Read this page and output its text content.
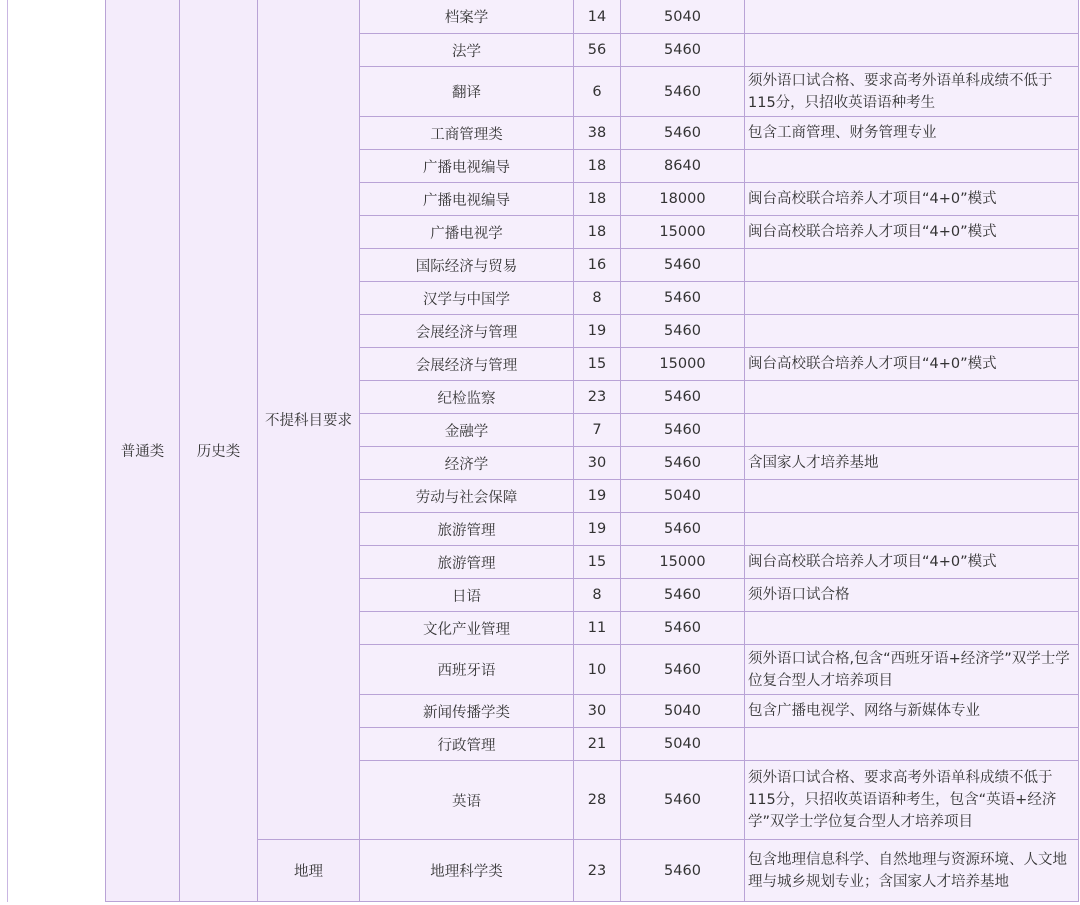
普通类	历史类	不提科目要求	档案学	14	5040	
			法学	56	5460	
			翻译	6	5460	须外语口试合格、要求高考外语单科成绩不低于115分，只招收英语语种考生
			工商管理类	38	5460	包含工商管理、财务管理专业
			广播电视编导	18	8640	
			广播电视编导	18	18000	闽台高校联合培养人才项目“4+0”模式
			广播电视学	18	15000	闽台高校联合培养人才项目“4+0”模式
			国际经济与贸易	16	5460	
			汉学与中国学	8	5460	
			会展经济与管理	19	5460	
			会展经济与管理	15	15000	闽台高校联合培养人才项目“4+0”模式
			纪检监察	23	5460	
			金融学	7	5460	
			经济学	30	5460	含国家人才培养基地
			劳动与社会保障	19	5040	
			旅游管理	19	5460	
			旅游管理	15	15000	闽台高校联合培养人才项目“4+0”模式
			日语	8	5460	须外语口试合格
			文化产业管理	11	5460	
			西班牙语	10	5460	须外语口试合格,包含“西班牙语+经济学”双学士学位复合型人才培养项目
			新闻传播学类	30	5040	包含广播电视学、网络与新媒体专业
			行政管理	21	5040	
			英语	28	5460	须外语口试合格、要求高考外语单科成绩不低于115分，只招收英语语种考生，包含“英语+经济学”双学士学位复合型人才培养项目
		地理	地理科学类	23	5460	包含地理信息科学、自然地理与资源环境、人文地理与城乡规划专业；含国家人才培养基地
